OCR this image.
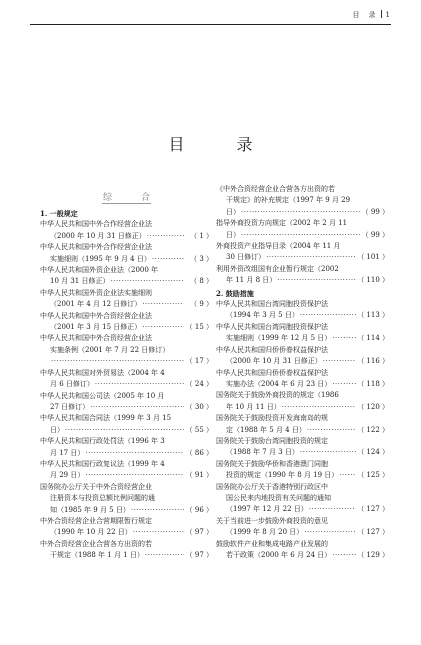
目　录 1
目　录
综　合
1. 一般规定
中华人民共和国中外合作经营企业法
（2000 年 10 月 31 日修正） ·····	（ 1 ）
中华人民共和国中外合作经营企业法
实施细则（1995 年 9 月 4 日） ·····	（ 3 ）
中华人民共和国外资企业法（2000 年
10 月 31 日修正） ·····	（ 8 ）
中华人民共和国外资企业法实施细则
（2001 年 4 月 12 日修订） ·····	（ 9 ）
中华人民共和国中外合资经营企业法
（2001 年 3 月 15 日修正） ·····	（ 15 ）
中华人民共和国中外合资经营企业法
实施条例（2001 年 7 月 22 日修订）
·····
（ 17 ）
中华人民共和国对外贸易法（2004 年 4
月 6 日修订） ·····	（ 24 ）
中华人民共和国公司法（2005 年 10 月
27 日修订） ·····	（ 30 ）
中华人民共和国合同法（1999 年 3 月 15
日） ·····	（ 55 ）
中华人民共和国行政处罚法（1996 年 3
月 17 日） ·····	（ 86 ）
中华人民共和国行政复议法（1999 年 4
月 29 日） ·····	（ 91 ）
国务院办公厅关于中外合资经营企业
注册资本与投资总额比例问题的通
知（1985 年 9 月 5 日） ·····	（ 96 ）
中外合资经营企业合营期限暂行规定
（1990 年 10 月 22 日） ·····	（ 97 ）
中外合资经营企业合营各方出资的若
干规定（1988 年 1 月 1 日） ·····	（ 97 ）
《中外合资经营企业合营各方出资的若
干规定》的补充规定（1997 年 9 月 29
日） ·····	（ 99 ）
指导外商投资方向规定（2002 年 2 月 11
日） ·····	（ 99 ）
外商投资产业指导目录（2004 年 11 月
30 日修订） ·····	（ 101 ）
利用外资改组国有企业暂行规定（2002
年 11 月 8 日） ·····	（ 110 ）
2. 鼓励措施
中华人民共和国台湾同胞投资保护法
（1994 年 3 月 5 日） ·····	（ 113 ）
中华人民共和国台湾同胞投资保护法
实施细则（1999 年 12 月 5 日） ·····	（ 114 ）
中华人民共和国归侨侨眷权益保护法
（2000 年 10 月 31 日修正） ·····	（ 116 ）
中华人民共和国归侨侨眷权益保护法
实施办法（2004 年 6 月 23 日） ·····	（ 118 ）
国务院关于鼓励外商投资的规定（1986
年 10 月 11 日） ·····	（ 120 ）
国务院关于鼓励投资开发海南岛的规
定（1988 年 5 月 4 日） ·····	（ 122 ）
国务院关于鼓励台湾同胞投资的规定
（1988 年 7 月 3 日） ·····	（ 124 ）
国务院关于鼓励华侨和香港澳门同胞
投资的规定（1990 年 8 月 19 日） ·····	（ 125 ）
国务院办公厅关于香港特别行政区中
国公民来内地投资有关问题的通知
（1997 年 12 月 22 日） ·····	（ 127 ）
关于当前进一步鼓励外商投资的意见
（1999 年 8 月 20 日） ·····	（ 127 ）
鼓励软件产业和集成电路产业发展的
若干政策（2000 年 6 月 24 日） ·····	（ 129 ）
